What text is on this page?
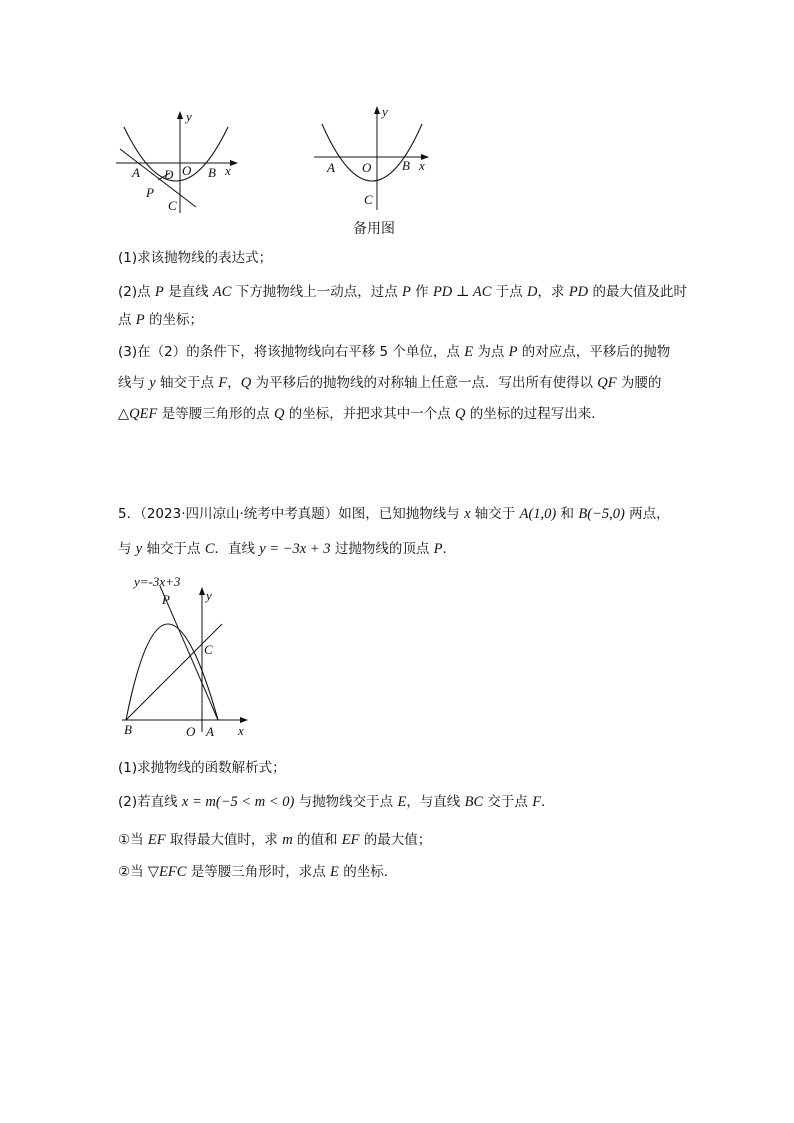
A D
P
C
O B x
y
A O B x
C
y
备用图
(1)求该抛物线的表达式；
(2)点 P 是直线 AC 下方抛物线上一动点，过点 P 作 PD ⊥ AC 于点 D，求 PD 的最大值及此时
点 P 的坐标；
(3)在（2）的条件下，将该抛物线向右平移 5 个单位，点 E 为点 P 的对应点，平移后的抛物
线与 y 轴交于点 F，Q 为平移后的抛物线的对称轴上任意一点．写出所有使得以 QF 为腰的
△QEF 是等腰三角形的点 Q 的坐标，并把求其中一个点 Q 的坐标的过程写出来．
5．（2023·四川凉山·统考中考真题）如图，已知抛物线与 x 轴交于 A(1,0) 和 B(−5,0) 两点，
与 y 轴交于点 C．直线 y = −3x + 3 过抛物线的顶点 P．
y=-3x+3
P	y
C
B	O A x
(1)求抛物线的函数解析式；
(2)若直线 x = m(−5 < m < 0) 与抛物线交于点 E，与直线 BC 交于点 F．
①当 EF 取得最大值时，求 m 的值和 EF 的最大值；
②当 ▽EFC 是等腰三角形时，求点 E 的坐标．
